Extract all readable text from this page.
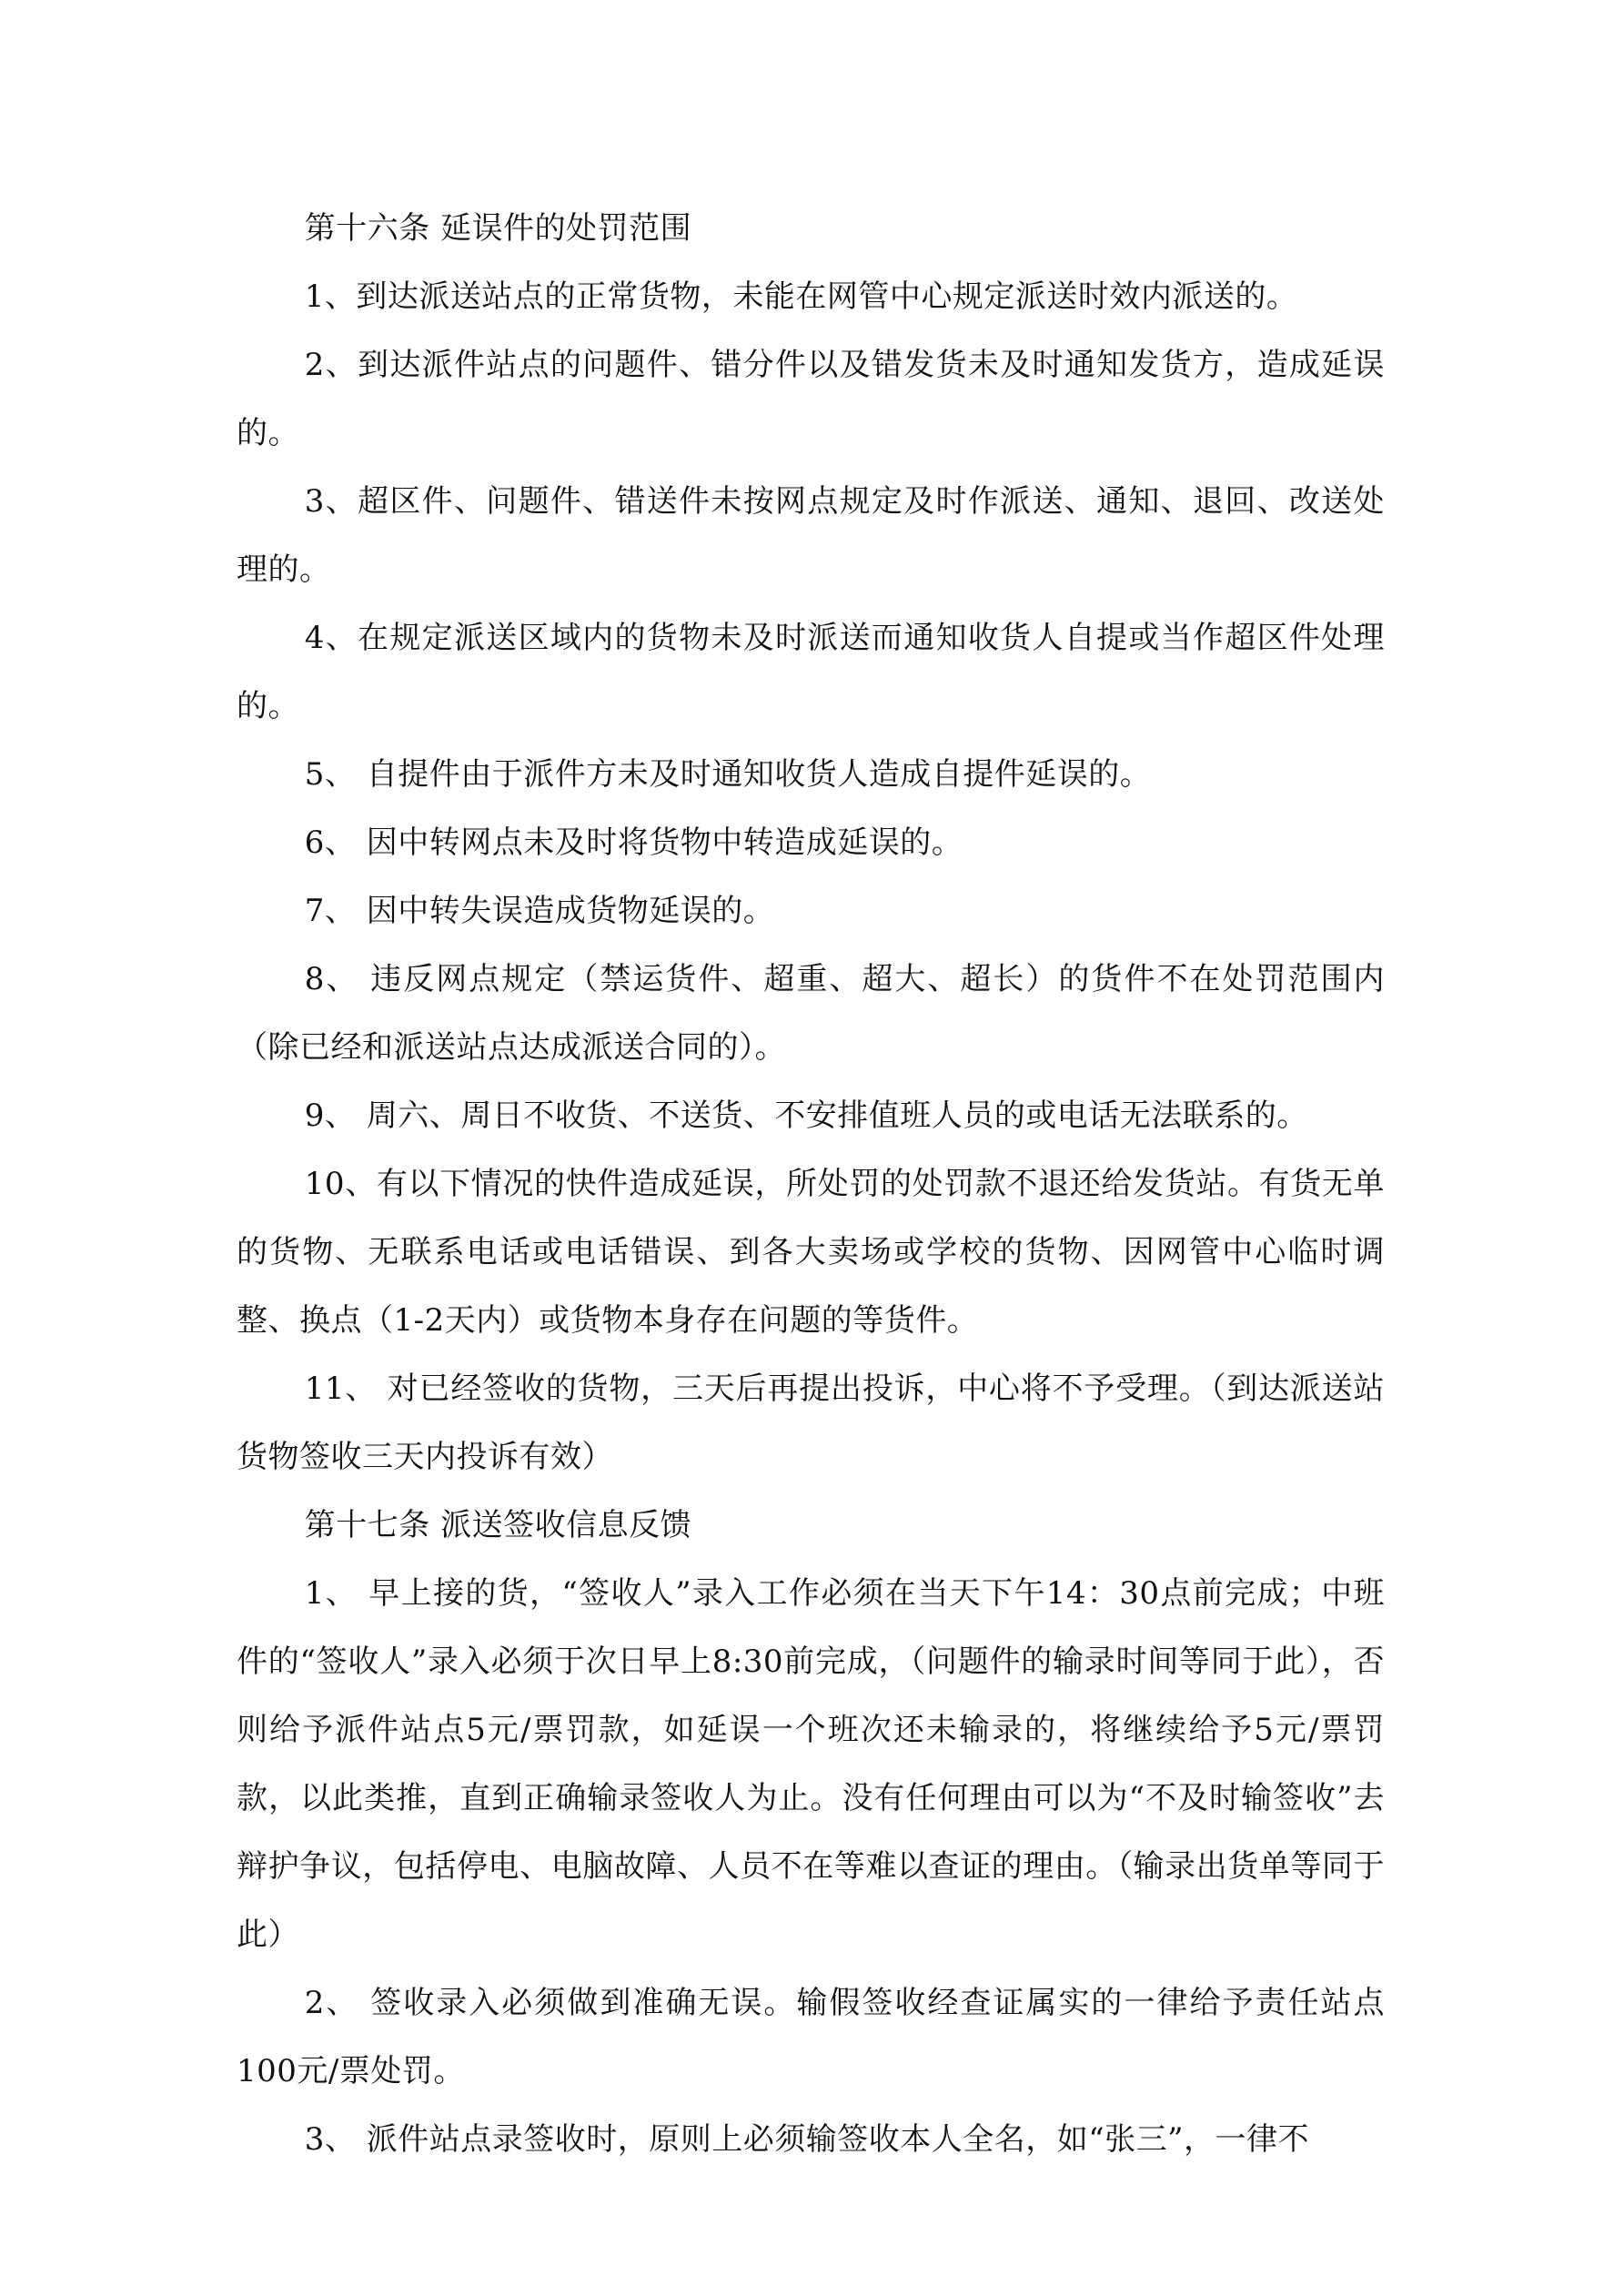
第十六条 延误件的处罚范围

1、到达派送站点的正常货物，未能在网管中心规定派送时效内派送的。

2、到达派件站点的问题件、错分件以及错发货未及时通知发货方，造成延误的。

3、超区件、问题件、错送件未按网点规定及时作派送、通知、退回、改送处理的。

4、在规定派送区域内的货物未及时派送而通知收货人自提或当作超区件处理的。

5、 自提件由于派件方未及时通知收货人造成自提件延误的。

6、 因中转网点未及时将货物中转造成延误的。

7、 因中转失误造成货物延误的。

8、 违反网点规定（禁运货件、超重、超大、超长）的货件不在处罚范围内（除已经和派送站点达成派送合同的）。

9、 周六、周日不收货、不送货、不安排值班人员的或电话无法联系的。

10、有以下情况的快件造成延误，所处罚的处罚款不退还给发货站。有货无单的货物、无联系电话或电话错误、到各大卖场或学校的货物、因网管中心临时调整、换点（1-2天内）或货物本身存在问题的等货件。

11、 对已经签收的货物，三天后再提出投诉，中心将不予受理。（到达派送站货物签收三天内投诉有效）

第十七条 派送签收信息反馈

1、 早上接的货，“签收人”录入工作必须在当天下午14：30点前完成；中班件的“签收人”录入必须于次日早上8:30前完成，（问题件的输录时间等同于此），否则给予派件站点5元/票罚款，如延误一个班次还未输录的，将继续给予5元/票罚款，以此类推，直到正确输录签收人为止。没有任何理由可以为“不及时输签收”去辩护争议，包括停电、电脑故障、人员不在等难以查证的理由。（输录出货单等同于此）

2、 签收录入必须做到准确无误。输假签收经查证属实的一律给予责任站点100元/票处罚。

3、 派件站点录签收时，原则上必须输签收本人全名，如“张三”，一律不
